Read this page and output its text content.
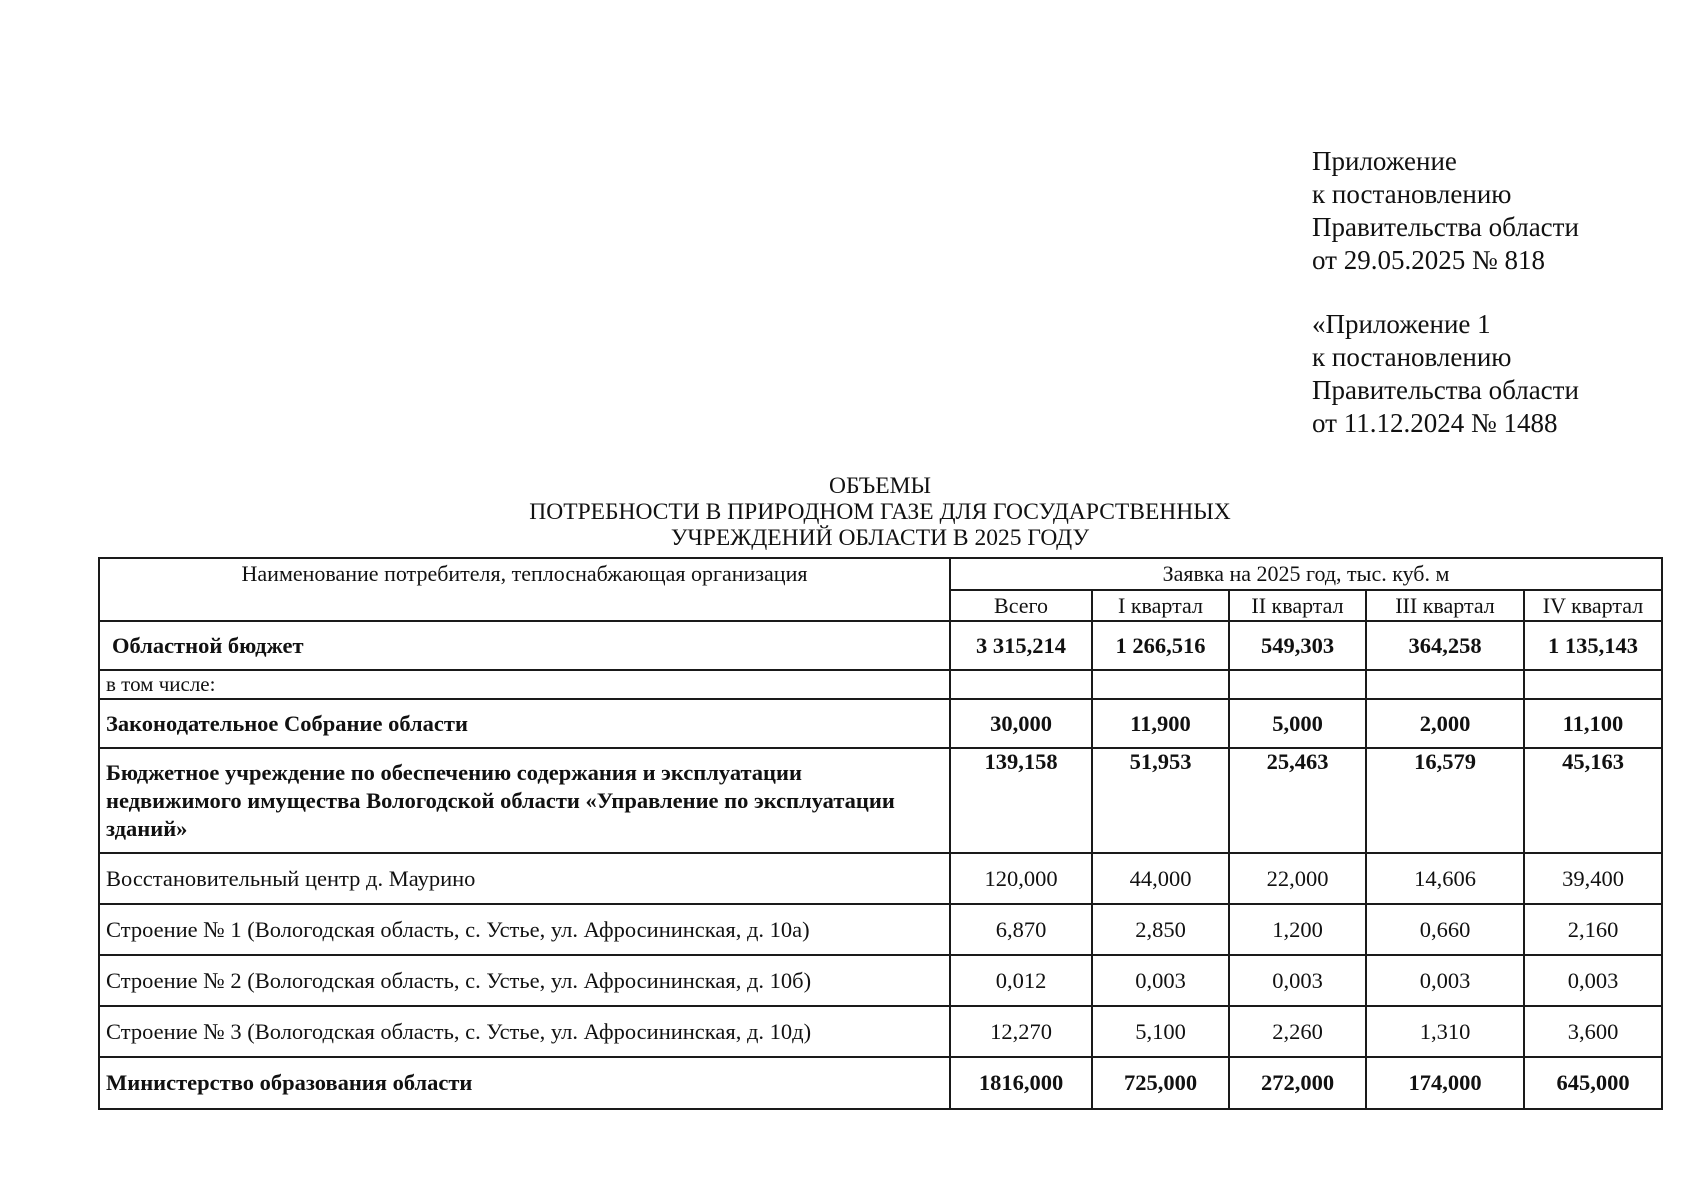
Приложение
к постановлению
Правительства области
от 29.05.2025 № 818
«Приложение 1
к постановлению
Правительства области
от 11.12.2024 № 1488
ОБЪЕМЫ
ПОТРЕБНОСТИ В ПРИРОДНОМ ГАЗЕ ДЛЯ ГОСУДАРСТВЕННЫХ
УЧРЕЖДЕНИЙ ОБЛАСТИ В 2025 ГОДУ
Наименование потребителя, теплоснабжающая организация	Заявка на 2025 год, тыс. куб. м				
	Всего	I квартал	II квартал	III квартал	IV квартал
Областной бюджет	3 315,214	1 266,516	549,303	364,258	1 135,143
в том числе:					
Законодательное Собрание области	30,000	11,900	5,000	2,000	11,100
Бюджетное учреждение по обеспечению содержания и эксплуатации недвижимого имущества Вологодской области «Управление по эксплуатации зданий»	139,158	51,953	25,463	16,579	45,163
Восстановительный центр д. Маурино	120,000	44,000	22,000	14,606	39,400
Строение № 1 (Вологодская область, с. Устье, ул. Афросининская, д. 10а)	6,870	2,850	1,200	0,660	2,160
Строение № 2 (Вологодская область, с. Устье, ул. Афросининская, д. 10б)	0,012	0,003	0,003	0,003	0,003
Строение № 3 (Вологодская область, с. Устье, ул. Афросининская, д. 10д)	12,270	5,100	2,260	1,310	3,600
Министерство образования области	1816,000	725,000	272,000	174,000	645,000
